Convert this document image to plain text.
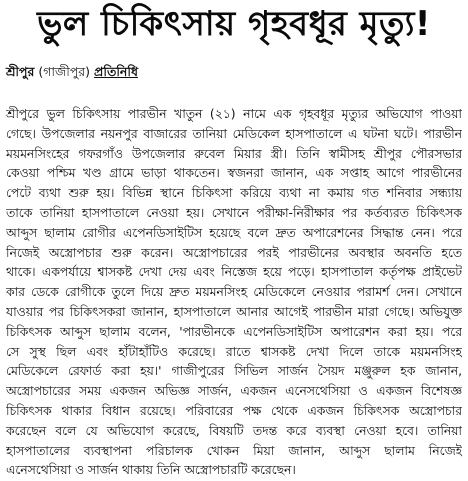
ভুল চিকিৎসায় গৃহবধূর মৃত্যু!
শ্রীপুর (গাজীপুর) প্রতিনিধি
শ্রীপুরে ভুল চিকিৎসায় পারভীন খাতুন (২১) নামে এক গৃহবধূর মৃত্যুর অভিযোগ পাওয়া
গেছে। উপজেলার নয়নপুর বাজারের তানিয়া মেডিকেল হাসপাতালে এ ঘটনা ঘটে। পারভীন
ময়মনসিংহের গফরগাঁও উপজেলার রুবেল মিয়ার স্ত্রী। তিনি স্বামীসহ শ্রীপুর পৌরসভার
কেওয়া পশ্চিম খণ্ড গ্রামে ভাড়া থাকতেন। স্বজনরা জানান, এক সপ্তাহ আগে পারভীনের
পেটে ব্যথা শুরু হয়। বিভিন্ন স্থানে চিকিৎসা করিয়ে ব্যথা না কমায় গত শনিবার সন্ধ্যায়
তাকে তানিয়া হাসপাতালে নেওয়া হয়। সেখানে পরীক্ষা-নিরীক্ষার পর কর্তব্যরত চিকিৎসক
আব্দুস ছালাম রোগীর এপেনডিসাইটিস হয়েছে বলে দ্রুত অপারেশনের সিদ্ধান্ত নেন। পরে
নিজেই অস্ত্রোপচার শুরু করেন। অস্ত্রোপচারের পরই পারভীনের অবস্থার অবনতি হতে
থাকে। একপর্যায়ে শ্বাসকষ্ট দেখা দেয় এবং নিস্তেজ হয়ে পড়ে। হাসপাতাল কর্তৃপক্ষ প্রাইভেট
কার ডেকে রোগীকে তুলে দিয়ে দ্রুত ময়মনসিংহ মেডিকেলে নেওয়ার পরামর্শ দেন। সেখানে
যাওয়ার পর চিকিৎসকরা জানান, হাসপাতালে আনার আগেই পারভীন মারা গেছে। অভিযুক্ত
চিকিৎসক আব্দুস ছালাম বলেন, 'পারভীনকে এপেনডিসাইটিস অপারেশন করা হয়। পরে
সে সুস্থ ছিল এবং হাঁটাহাঁটিও করেছে। রাতে শ্বাসকষ্ট দেখা দিলে তাকে ময়মনসিংহ
মেডিকেলে রেফার্ড করা হয়।' গাজীপুরের সিভিল সার্জন সৈয়দ মঞ্জুরুল হক জানান,
অস্ত্রোপচারের সময় একজন অভিজ্ঞ সার্জন, একজন এনেসথেসিয়া ও একজন বিশেষজ্ঞ
চিকিৎসক থাকার বিধান রয়েছে। পরিবারের পক্ষ থেকে একজন চিকিৎসক অস্ত্রোপচার
করেছেন বলে যে অভিযোগ করেছে, বিষয়টি তদন্ত করে ব্যবস্থা নেওয়া হবে। তানিয়া
হাসপাতালের ব্যবস্থাপনা পরিচালক খোকন মিয়া জানান, আব্দুস ছালাম নিজেই
এনেসথেসিয়া ও সার্জন থাকায় তিনি অস্ত্রোপচারটি করেছেন।
